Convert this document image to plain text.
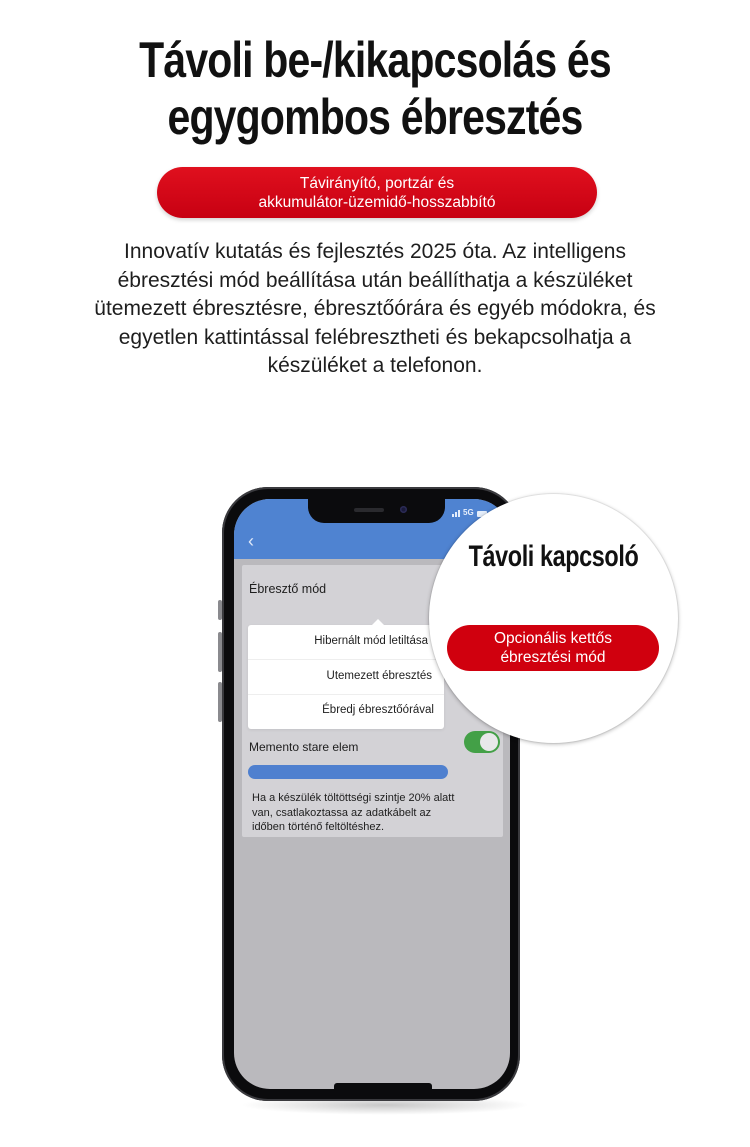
Távoli be-/kikapcsolás és
egygombos ébresztés
Távirányító, portzár és
akkumulátor-üzemidő-hosszabbító
Innovatív kutatás és fejlesztés 2025 óta. Az intelligens
ébresztési mód beállítása után beállíthatja a készüléket
ütemezett ébresztésre, ébresztőórára és egyéb módokra, és
egyetlen kattintással felébresztheti és bekapcsolhatja a
készüléket a telefonon.
‹
5G
Ébresztő mód
Hibernált mód letiltása
Utemezett ébresztés
Ébredj ébresztőórával
Memento stare elem
Ha a készülék töltöttségi szintje 20% alatt
van, csatlakoztassa az adatkábelt az
időben történő feltöltéshez.
Távoli kapcsoló
Opcionális kettős
ébresztési mód
